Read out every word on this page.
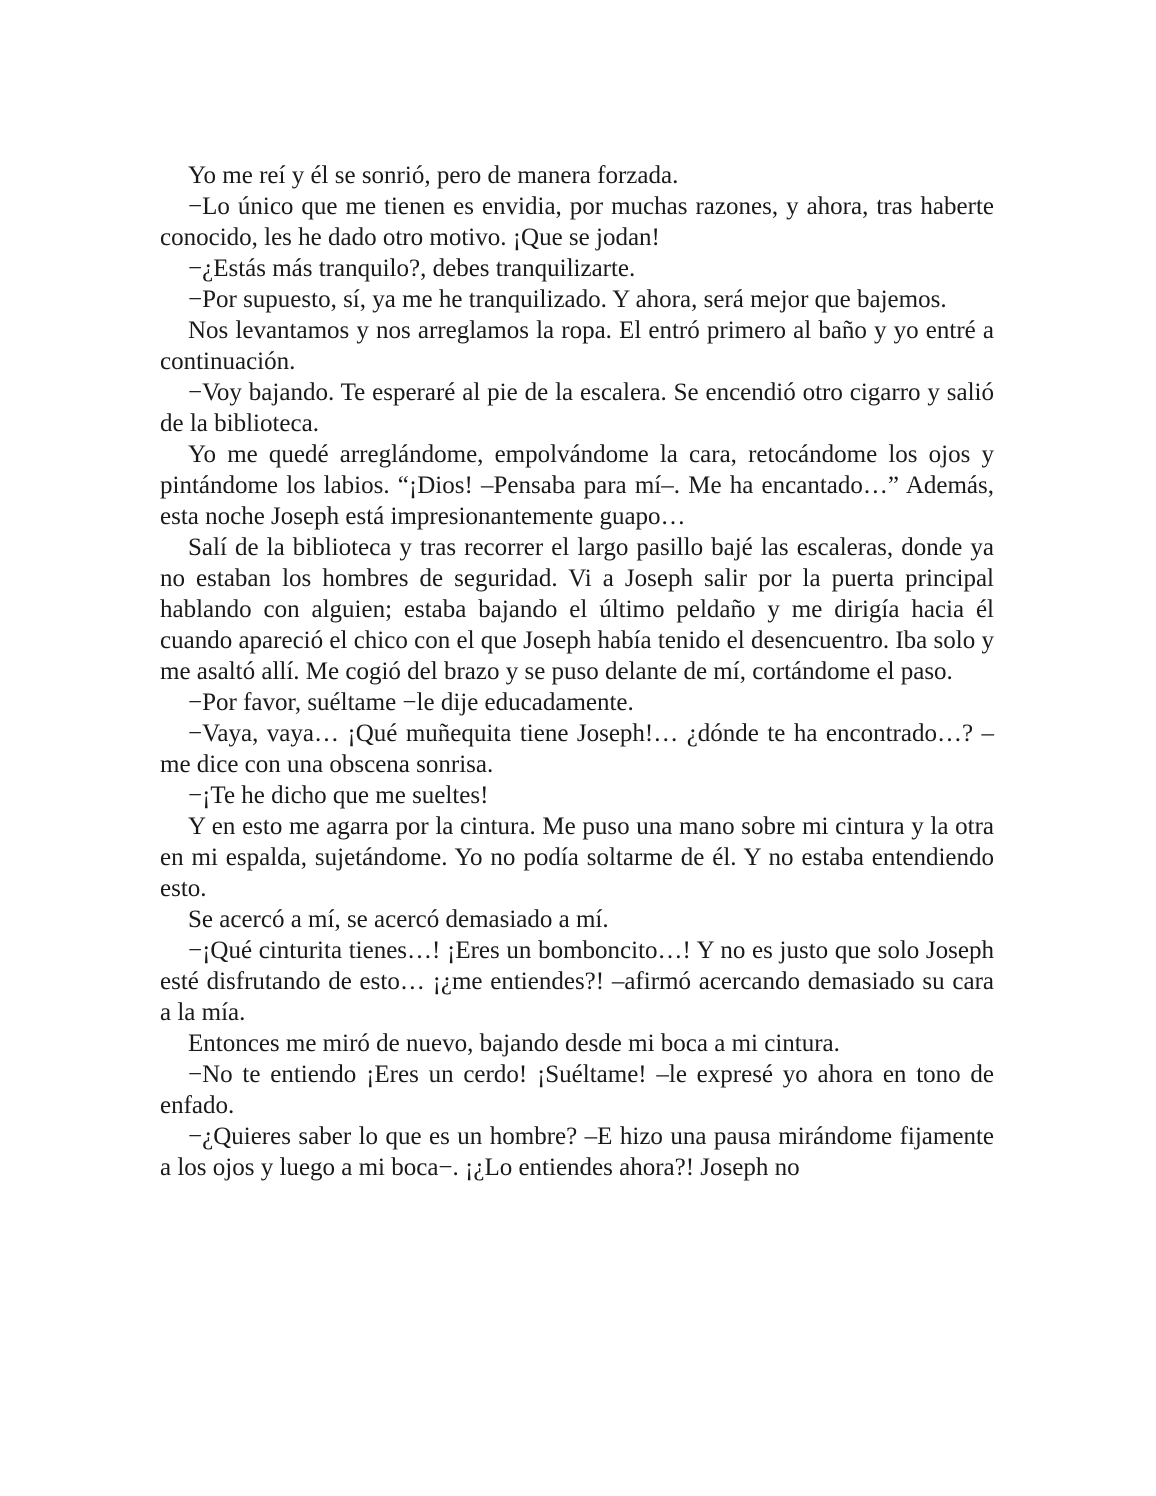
Yo me reí y él se sonrió, pero de manera forzada.

−Lo único que me tienen es envidia, por muchas razones, y ahora, tras haberte conocido, les he dado otro motivo. ¡Que se jodan!

−¿Estás más tranquilo?, debes tranquilizarte.

−Por supuesto, sí, ya me he tranquilizado. Y ahora, será mejor que bajemos.

Nos levantamos y nos arreglamos la ropa. El entró primero al baño y yo entré a continuación.

−Voy bajando. Te esperaré al pie de la escalera. Se encendió otro cigarro y salió de la biblioteca.

Yo me quedé arreglándome, empolvándome la cara, retocándome los ojos y pintándome los labios. “¡Dios! –Pensaba para mí–. Me ha encantado…” Además, esta noche Joseph está impresionantemente guapo…

Salí de la biblioteca y tras recorrer el largo pasillo bajé las escaleras, donde ya no estaban los hombres de seguridad. Vi a Joseph salir por la puerta principal hablando con alguien; estaba bajando el último peldaño y me dirigía hacia él cuando apareció el chico con el que Joseph había tenido el desencuentro. Iba solo y me asaltó allí. Me cogió del brazo y se puso delante de mí, cortándome el paso.

−Por favor, suéltame −le dije educadamente.

−Vaya, vaya… ¡Qué muñequita tiene Joseph!… ¿dónde te ha encontrado…? –me dice con una obscena sonrisa.

−¡Te he dicho que me sueltes!

Y en esto me agarra por la cintura. Me puso una mano sobre mi cintura y la otra en mi espalda, sujetándome. Yo no podía soltarme de él. Y no estaba entendiendo esto.

Se acercó a mí, se acercó demasiado a mí.

−¡Qué cinturita tienes…! ¡Eres un bomboncito…! Y no es justo que solo Joseph esté disfrutando de esto… ¡¿me entiendes?! –afirmó acercando demasiado su cara a la mía.

Entonces me miró de nuevo, bajando desde mi boca a mi cintura.

−No te entiendo ¡Eres un cerdo! ¡Suéltame! –le expresé yo ahora en tono de enfado.

−¿Quieres saber lo que es un hombre? –E hizo una pausa mirándome fijamente a los ojos y luego a mi boca−. ¡¿Lo entiendes ahora?! Joseph no
